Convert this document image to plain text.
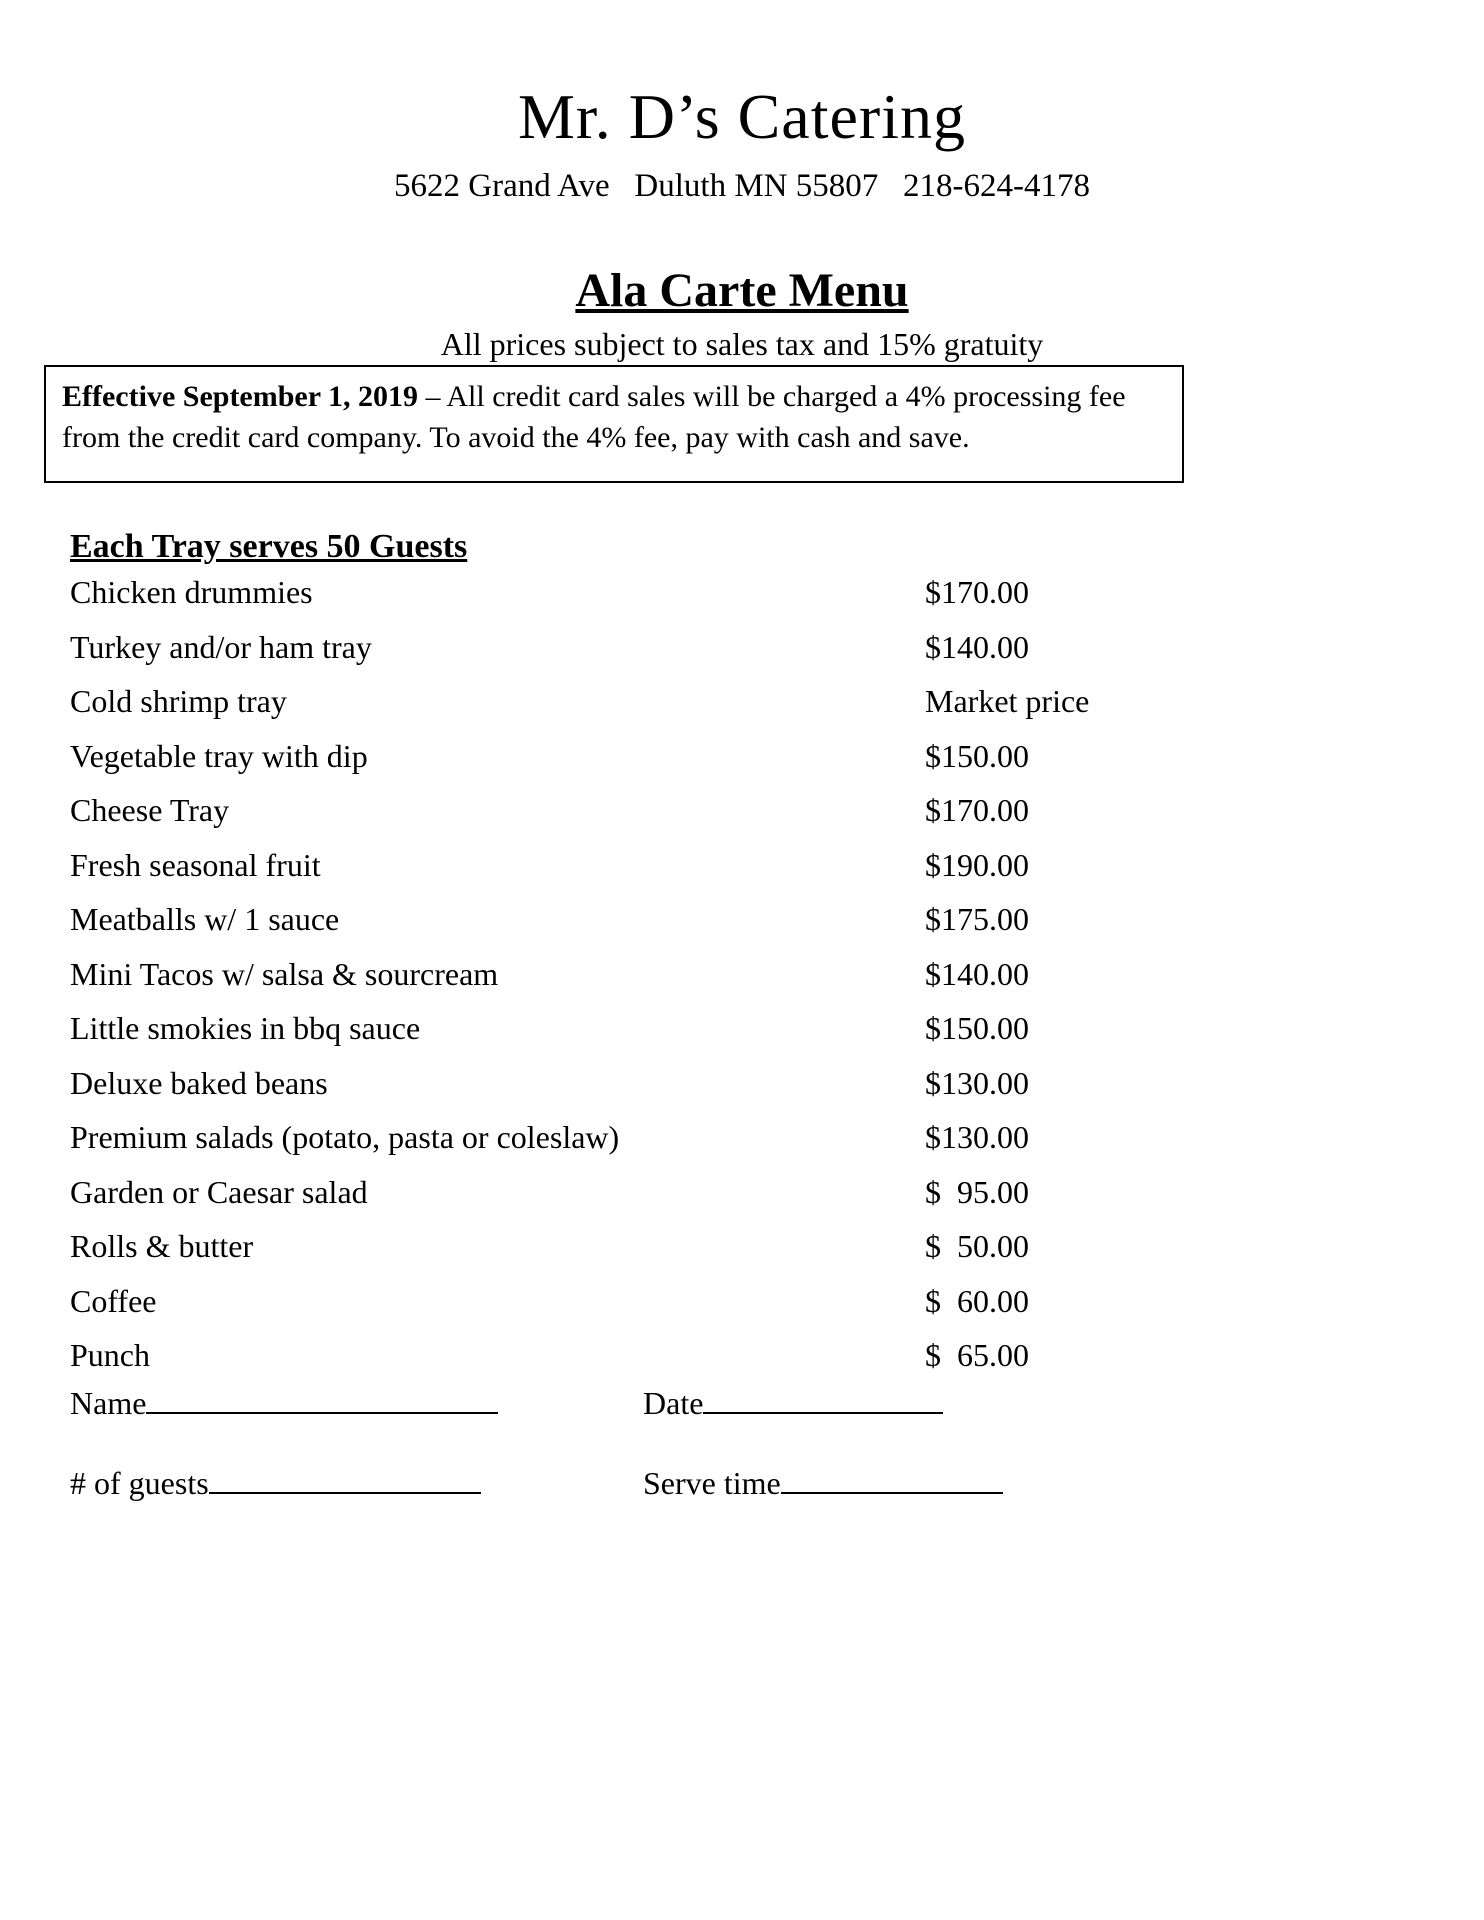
Mr. D’s Catering
5622 Grand Ave   Duluth MN 55807   218-624-4178
Ala Carte Menu
All prices subject to sales tax and 15% gratuity
Effective September 1, 2019 – All credit card sales will be charged a 4% processing fee from the credit card company. To avoid the 4% fee, pay with cash and save.
Each Tray serves 50 Guests
Chicken drummies	$170.00
Turkey and/or ham tray	$140.00
Cold shrimp tray	Market price
Vegetable tray with dip	$150.00
Cheese Tray	$170.00
Fresh seasonal fruit	$190.00
Meatballs w/ 1 sauce	$175.00
Mini Tacos w/ salsa & sourcream	$140.00
Little smokies in bbq sauce	$150.00
Deluxe baked beans	$130.00
Premium salads (potato, pasta or coleslaw)	$130.00
Garden or Caesar salad	$  95.00
Rolls & butter	$  50.00
Coffee	$  60.00
Punch	$  65.00
Name	Date
# of guests	Serve time
